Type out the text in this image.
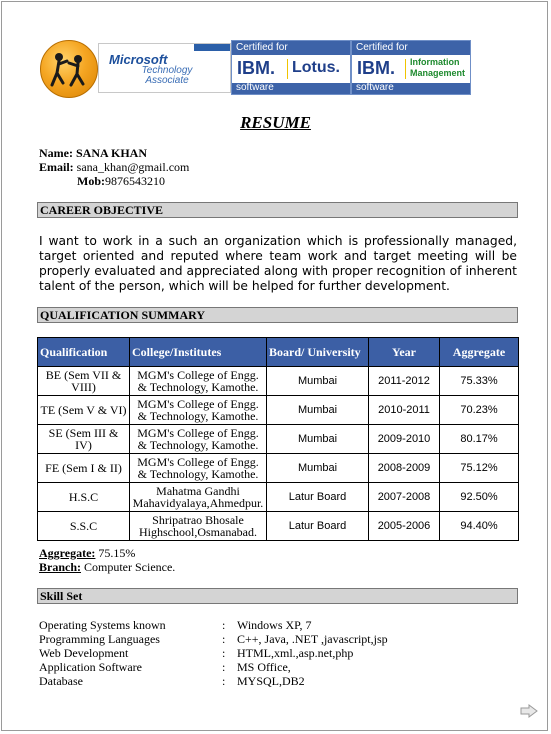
Microsoft
Technology
Associate
Certified for
IBM. Lotus.
software
Certified for
IBM. Information
Management
software
RESUME
Name: SANA KHAN
Email: sana_khan@gmail.com
Mob:9876543210
CAREER OBJECTIVE
I want to work in a such an organization which is professionally managed, target oriented and reputed where team work and target meeting will be properly evaluated and appreciated along with proper recognition of inherent talent of the person, which will be helped for further development.
QUALIFICATION SUMMARY
Qualification	College/Institutes	Board/ University	Year	Aggregate
BE (Sem VII & VIII)	MGM's College of Engg. & Technology, Kamothe.	Mumbai	2011-2012	75.33%
TE (Sem V & VI)	MGM's College of Engg. & Technology, Kamothe.	Mumbai	2010-2011	70.23%
SE (Sem III & IV)	MGM's College of Engg. & Technology, Kamothe.	Mumbai	2009-2010	80.17%
FE (Sem I & II)	MGM's College of Engg. & Technology, Kamothe.	Mumbai	2008-2009	75.12%
H.S.C	Mahatma Gandhi Mahavidyalaya,Ahmedpur.	Latur Board	2007-2008	92.50%
S.S.C	Shripatrao Bhosale Highschool,Osmanabad.	Latur Board	2005-2006	94.40%
Aggregate: 75.15%
Branch: Computer Science.
Skill Set
Operating Systems known	: Windows XP, 7
Programming Languages	: C++, Java, .NET ,javascript,jsp
Web Development	: HTML,xml.,asp.net,php
Application Software	: MS Office,
Database	: MYSQL,DB2
